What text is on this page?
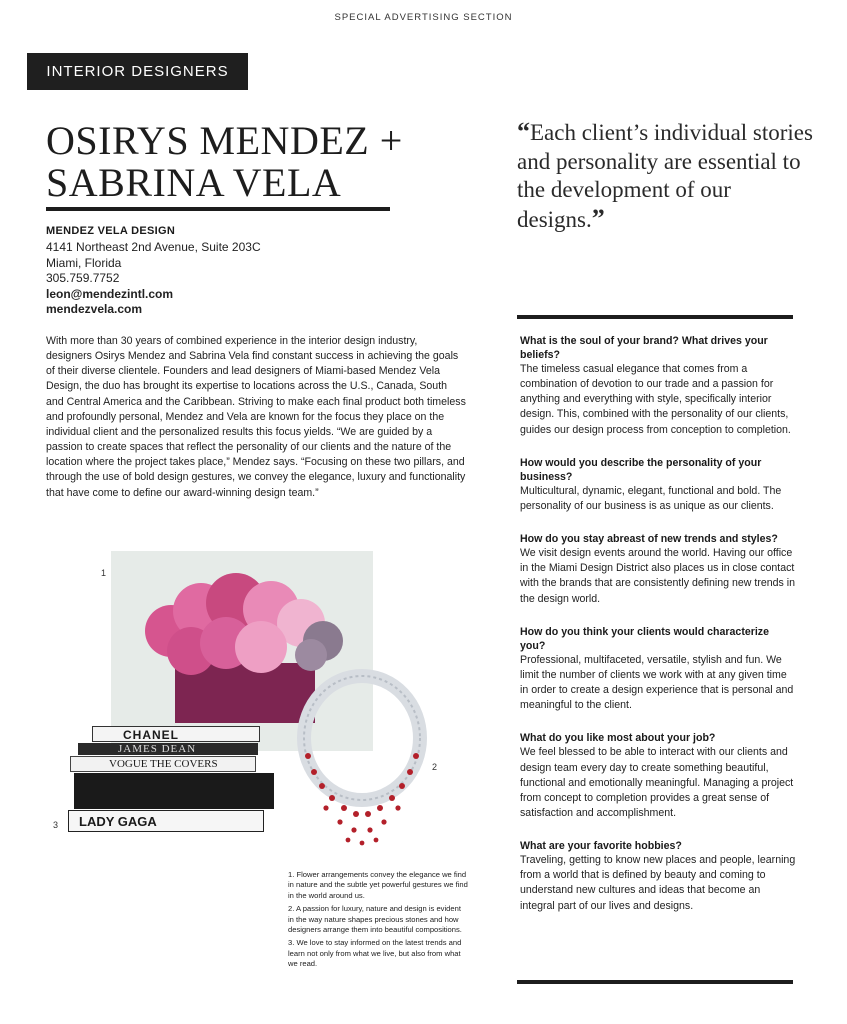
SPECIAL ADVERTISING SECTION
INTERIOR DESIGNERS
OSIRYS MENDEZ +
SABRINA VELA
MENDEZ VELA DESIGN
4141 Northeast 2nd Avenue, Suite 203C
Miami, Florida
305.759.7752
leon@mendezintl.com
mendezvela.com
“Each client’s individual stories and personality are essential to the development of our designs.”
With more than 30 years of combined experience in the interior design industry, designers Osirys Mendez and Sabrina Vela find constant success in achieving the goals of their diverse clientele. Founders and lead designers of Miami-based Mendez Vela Design, the duo has brought its expertise to locations across the U.S., Canada, South and Central America and the Caribbean. Striving to make each final product both timeless and profoundly personal, Mendez and Vela are known for the focus they place on the individual client and the personalized results this focus yields. “We are guided by a passion to create spaces that reflect the personality of our clients and the nature of the location where the project takes place,” Mendez says. “Focusing on these two pillars, and through the use of bold design gestures, we convey the elegance, luxury and functionality that have come to define our award-winning design team.”
What is the soul of your brand? What drives your beliefs?
The timeless casual elegance that comes from a combination of devotion to our trade and a passion for anything and everything with style, specifically interior design. This, combined with the personality of our clients, guides our design process from conception to completion.
How would you describe the personality of your business?
Multicultural, dynamic, elegant, functional and bold. The personality of our business is as unique as our clients.
How do you stay abreast of new trends and styles?
We visit design events around the world. Having our office in the Miami Design District also places us in close contact with the brands that are consistently defining new trends in the design world.
How do you think your clients would characterize you?
Professional, multifaceted, versatile, stylish and fun. We limit the number of clients we work with at any given time in order to create a design experience that is personal and meaningful to the client.
What do you like most about your job?
We feel blessed to be able to interact with our clients and design team every day to create something beautiful, functional and emotionally meaningful. Managing a project from concept to completion provides a great sense of satisfaction and accomplishment.
What are your favorite hobbies?
Traveling, getting to know new places and people, learning from a world that is defined by beauty and coming to understand new cultures and ideas that become an integral part of our lives and designs.
1
2
CHANEL
JAMES DEAN
VOGUE THE COVERS
LADY GAGA
3

1. Flower arrangements convey the elegance we find in nature and the subtle yet powerful gestures we find in the world around us.

2. A passion for luxury, nature and design is evident in the way nature shapes precious stones and how designers arrange them into beautiful compositions.

3. We love to stay informed on the latest trends and learn not only from what we live, but also from what we read.
